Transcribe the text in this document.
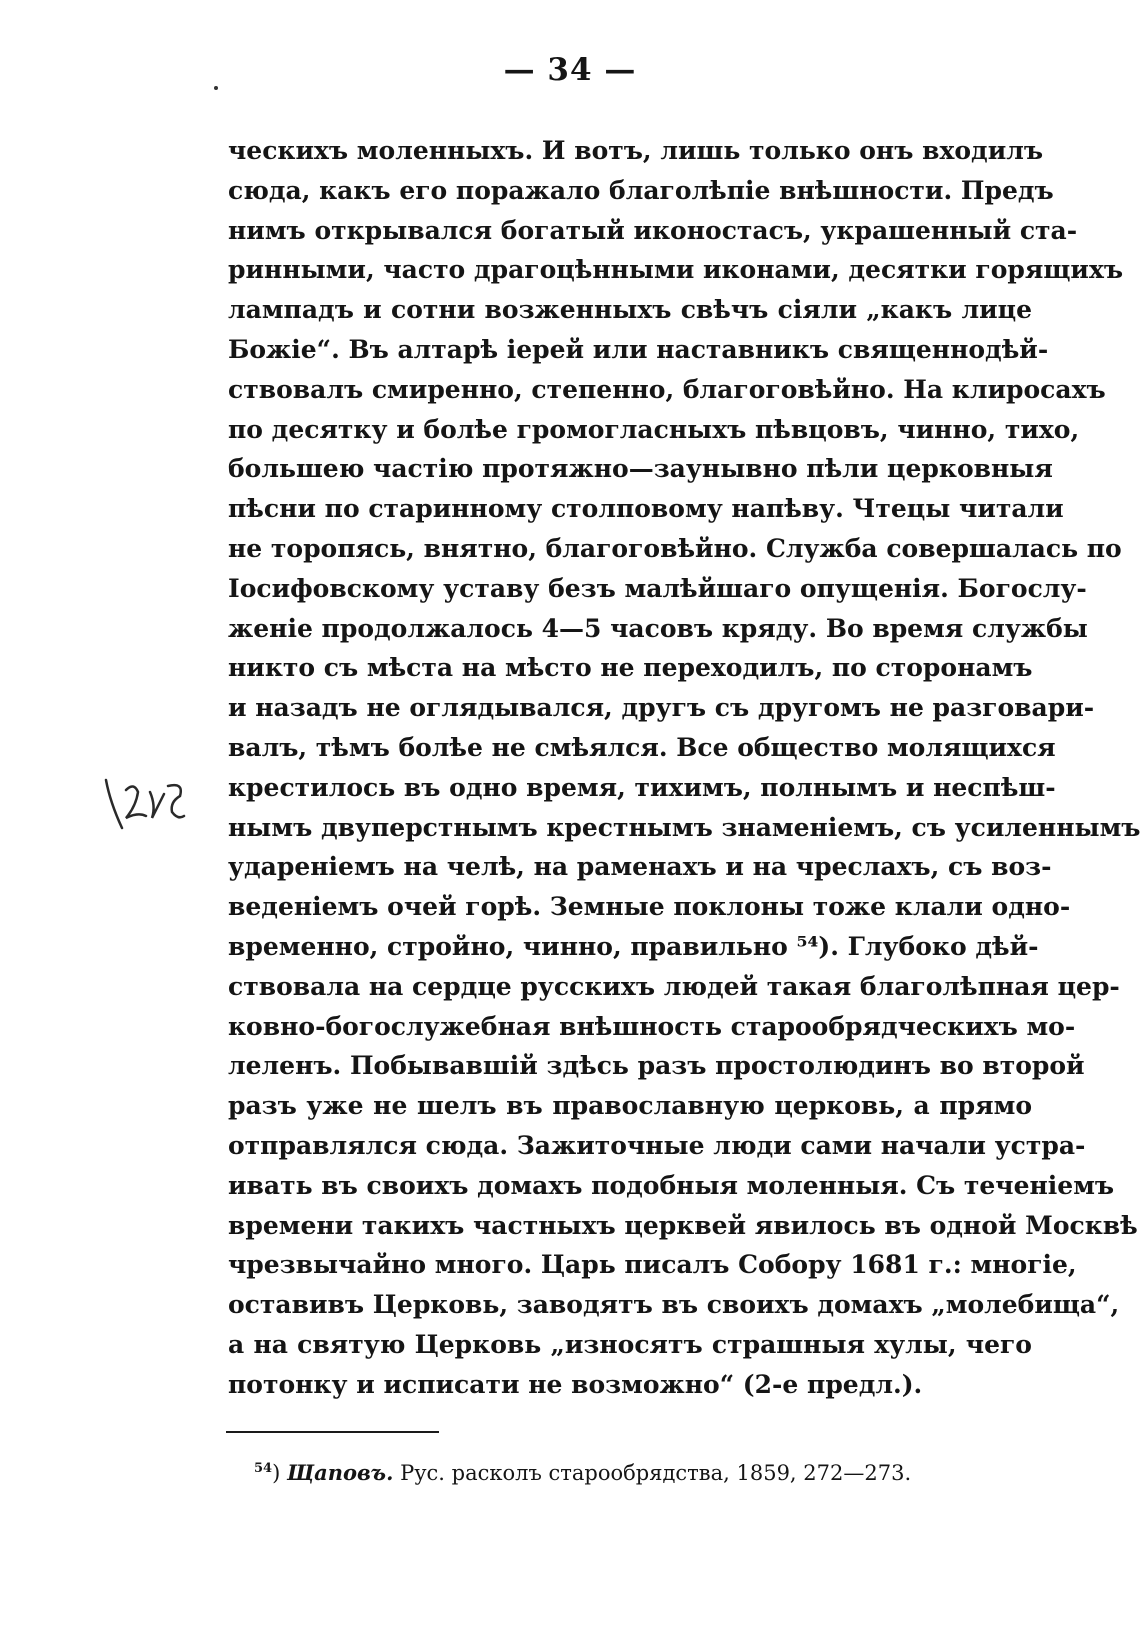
— 34 —
ческихъ моленныхъ. И вотъ, лишь только онъ входилъ
сюда, какъ его поражало благолѣпіе внѣшности. Предъ
нимъ открывался богатый иконостасъ, украшенный ста-
ринными, часто драгоцѣнными иконами, десятки горящихъ
лампадъ и сотни возженныхъ свѣчъ сіяли „какъ лице
Божіе“. Въ алтарѣ іерей или наставникъ священнодѣй-
ствовалъ смиренно, степенно, благоговѣйно. На клиросахъ
по десятку и болѣе громогласныхъ пѣвцовъ, чинно, тихо,
большею частію протяжно—заунывно пѣли церковныя
пѣсни по старинному столповому напѣву. Чтецы читали
не торопясь, внятно, благоговѣйно. Служба совершалась по
Іосифовскому уставу безъ малѣйшаго опущенія. Богослу-
женіе продолжалось 4—5 часовъ кряду. Во время службы
никто съ мѣста на мѣсто не переходилъ, по сторонамъ
и назадъ не оглядывался, другъ съ другомъ не разговари-
валъ, тѣмъ болѣе не смѣялся. Все общество молящихся
крестилось въ одно время, тихимъ, полнымъ и неспѣш-
нымъ двуперстнымъ крестнымъ знаменіемъ, съ усиленнымъ
удареніемъ на челѣ, на раменахъ и на чреслахъ, съ воз-
веденіемъ очей горѣ. Земные поклоны тоже клали одно-
временно, стройно, чинно, правильно ⁵⁴). Глубоко дѣй-
ствовала на сердце русскихъ людей такая благолѣпная цер-
ковно-богослужебная внѣшность старообрядческихъ мо-
леленъ. Побывавшій здѣсь разъ простолюдинъ во второй
разъ уже не шелъ въ православную церковь, а прямо
отправлялся сюда. Зажиточные люди сами начали устра-
ивать въ своихъ домахъ подобныя моленныя. Съ теченіемъ
времени такихъ частныхъ церквей явилось въ одной Москвѣ
чрезвычайно много. Царь писалъ Собору 1681 г.: многіе,
оставивъ Церковь, заводятъ въ своихъ домахъ „молебища“,
а на святую Церковь „износятъ страшныя хулы, чего
потонку и исписати не возможно“ (2-е предл.).
$^{54}$) Щаповъ. Рус. расколъ старообрядства, 1859, 272—273.
